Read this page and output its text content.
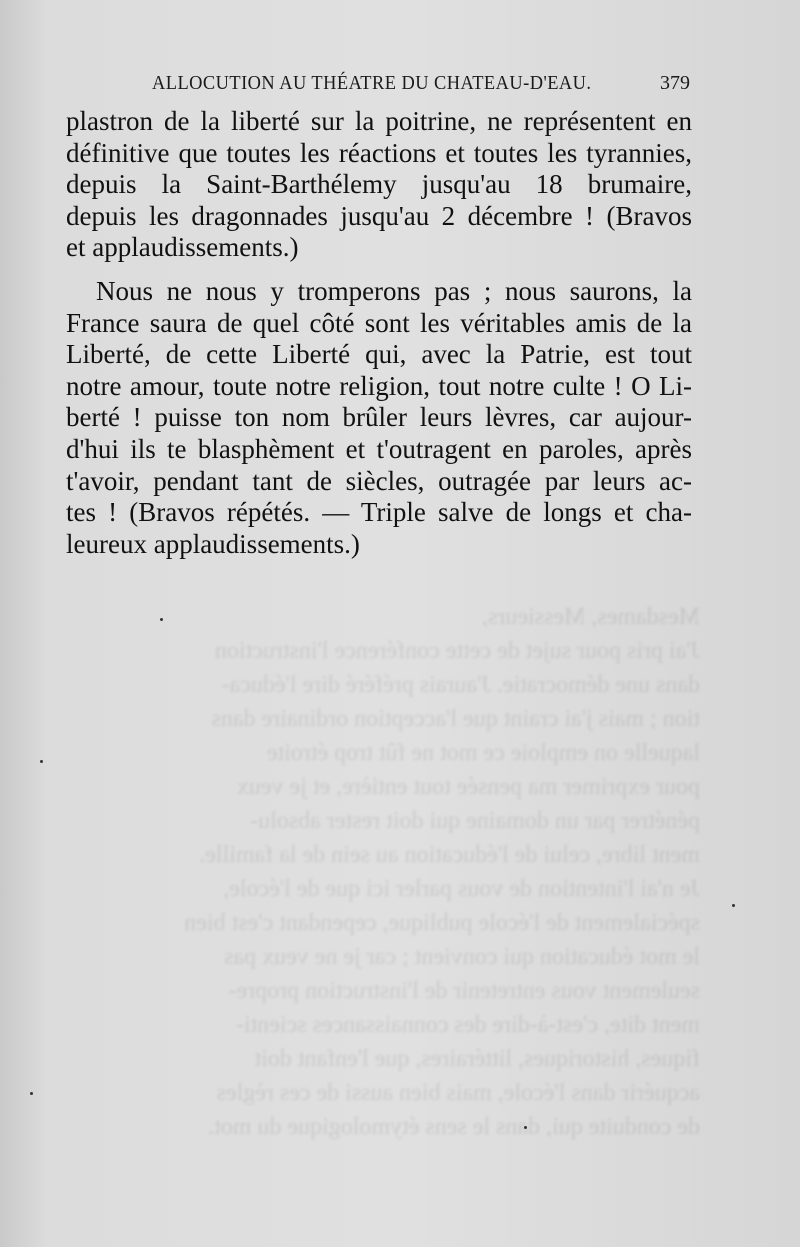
Mesdames, Messieurs,
J'ai pris pour sujet de cette conférence l'instruction
dans une démocratie. J'aurais préféré dire l'éduca-
tion ; mais j'ai craint que l'acception ordinaire dans
laquelle on emploie ce mot ne fût trop étroite
pour exprimer ma pensée tout entière, et je veux
pénétrer par un domaine qui doit rester absolu-
ment libre, celui de l'éducation au sein de la famille.
Je n'ai l'intention de vous parler ici que de l'école,
spécialement de l'école publique, cependant c'est bien
le mot éducation qui convient ; car je ne veux pas
seulement vous entretenir de l'instruction propre-
ment dite, c'est-à-dire des connaissances scienti-
fiques, historiques, littéraires, que l'enfant doit
acquérir dans l'école, mais bien aussi de ces règles
de conduite qui, dans le sens étymologique du mot.
ALLOCUTION AU THÉATRE DU CHATEAU-D'EAU.	379
plastron de la liberté sur la poitrine, ne représentent en
définitive que toutes les réactions et toutes les tyrannies,
depuis la Saint-Barthélemy jusqu'au 18 brumaire,
depuis les dragonnades jusqu'au 2 décembre ! (Bravos
et applaudissements.)
Nous ne nous y tromperons pas ; nous saurons, la
France saura de quel côté sont les véritables amis de la
Liberté, de cette Liberté qui, avec la Patrie, est tout
notre amour, toute notre religion, tout notre culte ! O Li-
berté ! puisse ton nom brûler leurs lèvres, car aujour-
d'hui ils te blasphèment et t'outragent en paroles, après
t'avoir, pendant tant de siècles, outragée par leurs ac-
tes ! (Bravos répétés. — Triple salve de longs et cha-
leureux applaudissements.)
